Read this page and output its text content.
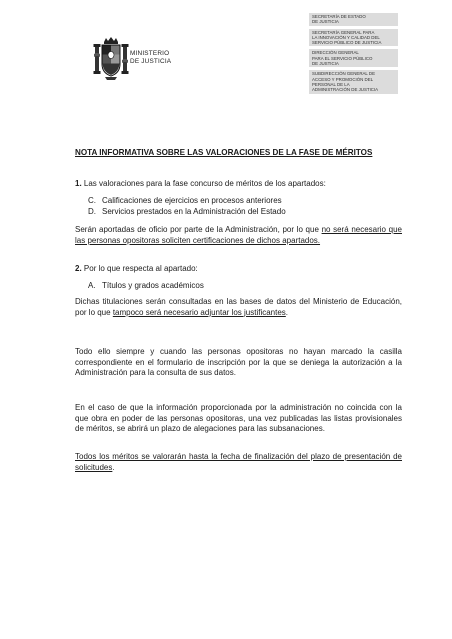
MINISTERIO
DE JUSTICIA
SECRETARÍA DE ESTADO
DE JUSTICIA
SECRETARÍA GENERAL PARA
LA INNOVACIÓN Y CALIDAD DEL
SERVICIO PÚBLICO DE JUSTICIA
DIRECCIÓN GENERAL
PARA EL SERVICIO PÚBLICO
DE JUSTICIA
SUBDIRECCIÓN GENERAL DE
ACCESO Y PROMOCIÓN DEL
PERSONAL DE LA
ADMINISTRACIÓN DE JUSTICIA
NOTA INFORMATIVA SOBRE LAS VALORACIONES DE LA FASE DE MÉRITOS
1. Las valoraciones para la fase concurso de méritos de los apartados:
C. Calificaciones de ejercicios en procesos anteriores
D. Servicios prestados en la Administración del Estado
Serán aportadas de oficio por parte de la Administración, por lo que no será necesario que las personas opositoras soliciten certificaciones de dichos apartados.
2. Por lo que respecta al apartado:
A. Títulos y grados académicos
Dichas titulaciones serán consultadas en las bases de datos del Ministerio de Educación, por lo que tampoco será necesario adjuntar los justificantes.
Todo ello siempre y cuando las personas opositoras no hayan marcado la casilla correspondiente en el formulario de inscripción por la que se deniega la autorización a la Administración para la consulta de sus datos.
En el caso de que la información proporcionada por la administración no coincida con la que obra en poder de las personas opositoras, una vez publicadas las listas provisionales de méritos, se abrirá un plazo de alegaciones para las subsanaciones.
Todos los méritos se valorarán hasta la fecha de finalización del plazo de presentación de solicitudes.
